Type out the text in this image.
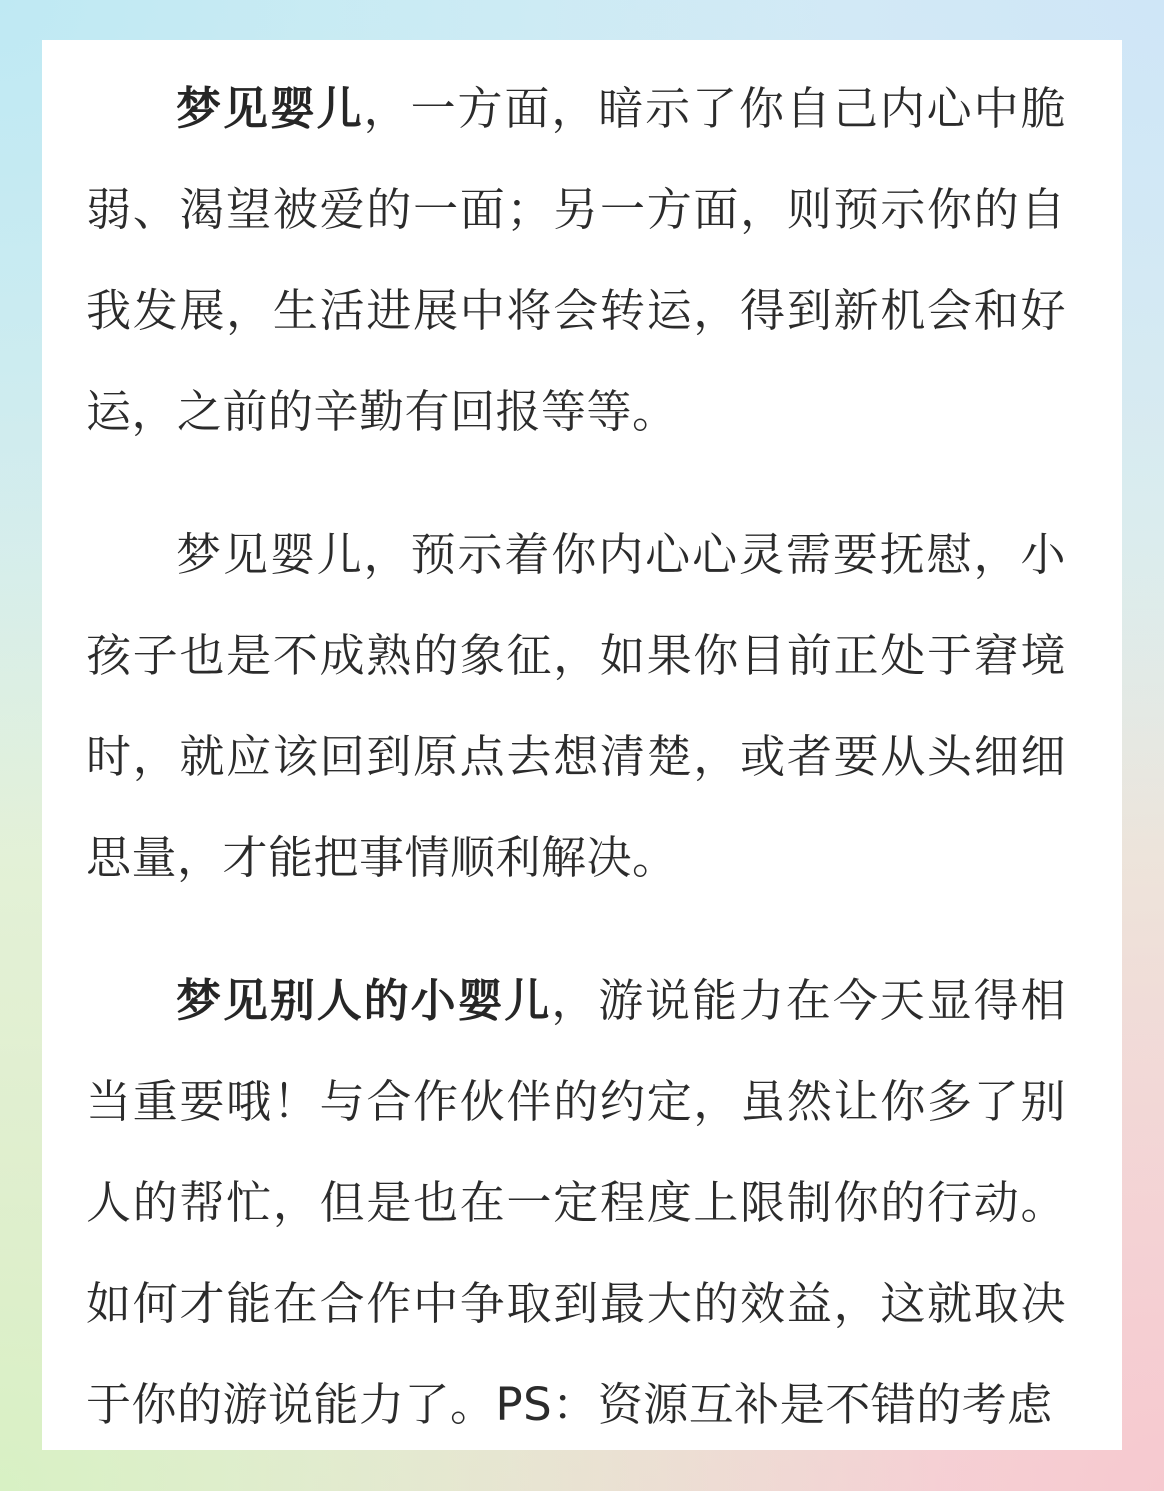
梦见婴儿，一方面，暗示了你自己内心中脆弱、渴望被爱的一面；另一方面，则预示你的自我发展，生活进展中将会转运，得到新机会和好运，之前的辛勤有回报等等。

梦见婴儿，预示着你内心心灵需要抚慰，小孩子也是不成熟的象征，如果你目前正处于窘境时，就应该回到原点去想清楚，或者要从头细细思量，才能把事情顺利解决。

梦见别人的小婴儿，游说能力在今天显得相当重要哦！与合作伙伴的约定，虽然让你多了别人的帮忙，但是也在一定程度上限制你的行动。如何才能在合作中争取到最大的效益，这就取决于你的游说能力了。PS：资源互补是不错的考虑
